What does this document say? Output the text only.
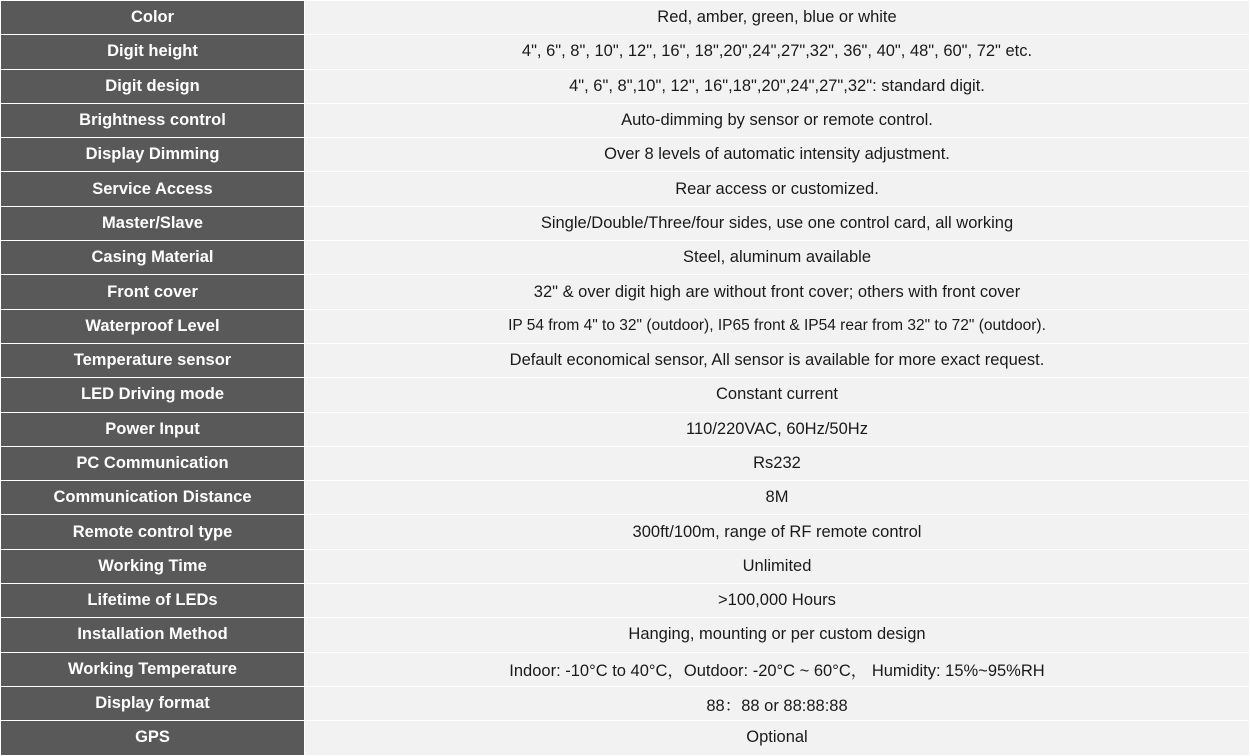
Color	Red, amber, green, blue or white
Digit height	4", 6", 8", 10", 12", 16", 18",20",24",27",32", 36", 40", 48", 60", 72" etc.
Digit design	4", 6", 8",10", 12", 16",18",20",24",27",32": standard digit.
Brightness control	Auto-dimming by sensor or remote control.
Display Dimming	Over 8 levels of automatic intensity adjustment.
Service Access	Rear access or customized.
Master/Slave	Single/Double/Three/four sides, use one control card, all working
Casing Material	Steel, aluminum available
Front cover	32" & over digit high are without front cover; others with front cover
Waterproof Level	IP 54 from 4" to 32" (outdoor), IP65 front & IP54 rear from 32" to 72" (outdoor).
Temperature sensor	Default economical sensor, All sensor is available for more exact request.
LED Driving mode	Constant current
Power Input	110/220VAC, 60Hz/50Hz
PC Communication	Rs232
Communication Distance	8M
Remote control type	300ft/100m, range of RF remote control
Working Time	Unlimited
Lifetime of LEDs	>100,000 Hours
Installation Method	Hanging, mounting or per custom design
Working Temperature	Indoor: -10°C to 40°C，Outdoor: -20°C ~ 60°C， Humidity: 15%~95%RH
Display format	88：88 or 88:88:88
GPS	Optional
